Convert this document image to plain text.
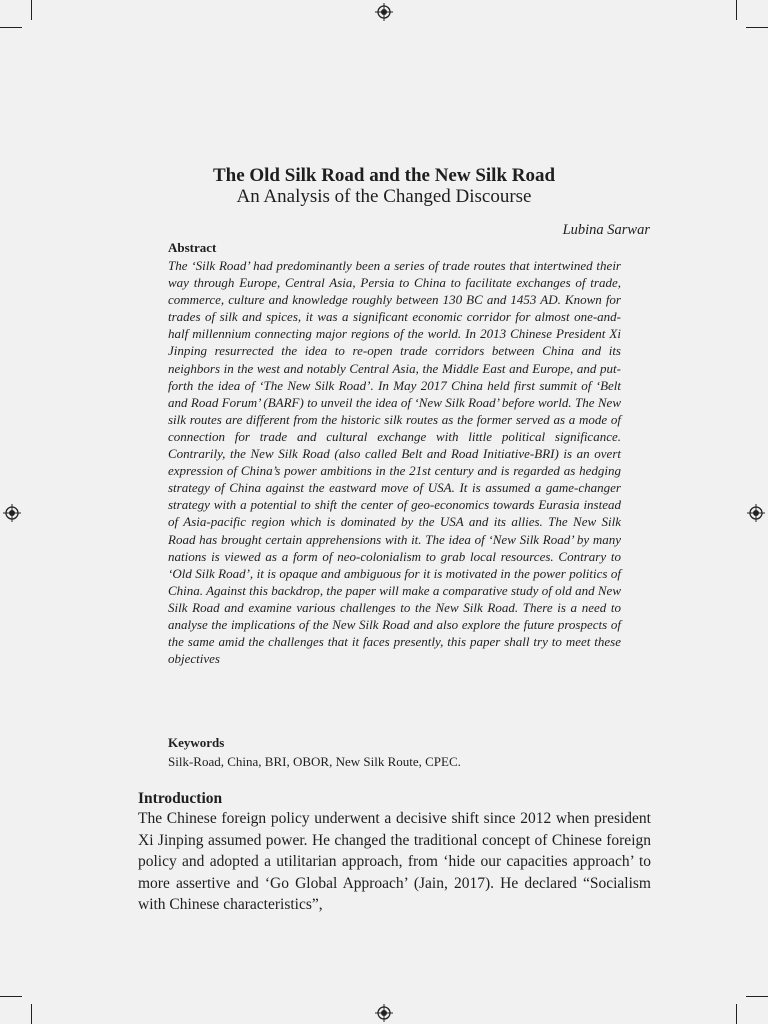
The Old Silk Road and the New Silk Road
An Analysis of the Changed Discourse
Lubina Sarwar
Abstract

The ‘Silk Road’ had predominantly been a series of trade routes that intertwined their way through Europe, Central Asia, Persia to China to facilitate exchanges of trade, commerce, culture and knowledge roughly between 130 BC and 1453 AD. Known for trades of silk and spices, it was a significant economic corridor for almost one-and-half millennium connecting major regions of the world. In 2013 Chinese President Xi Jinping resurrected the idea to re-open trade corridors between China and its neighbors in the west and notably Central Asia, the Middle East and Europe, and put-forth the idea of ‘The New Silk Road’. In May 2017 China held first summit of ‘Belt and Road Forum’ (BARF) to unveil the idea of ‘New Silk Road’ before world. The New silk routes are different from the historic silk routes as the former served as a mode of connection for trade and cultural exchange with little political significance. Contrarily, the New Silk Road (also called Belt and Road Initiative-BRI) is an overt expression of China’s power ambitions in the 21st century and is regarded as hedging strategy of China against the eastward move of USA. It is assumed a game-changer strategy with a potential to shift the center of geo-economics towards Eurasia instead of Asia-pacific region which is dominated by the USA and its allies. The New Silk Road has brought certain apprehensions with it. The idea of ‘New Silk Road’ by many nations is viewed as a form of neo-colonialism to grab local resources. Contrary to ‘Old Silk Road’, it is opaque and ambiguous for it is motivated in the power politics of China. Against this backdrop, the paper will make a comparative study of old and New Silk Road and examine various challenges to the New Silk Road. There is a need to analyse the implications of the New Silk Road and also explore the future prospects of the same amid the challenges that it faces presently, this paper shall try to meet these objectives

Keywords
Silk-Road, China, BRI, OBOR, New Silk Route, CPEC.
Introduction

The Chinese foreign policy underwent a decisive shift since 2012 when president Xi Jinping assumed power. He changed the traditional concept of Chinese foreign policy and adopted a utilitarian approach, from ‘hide our capacities approach’ to more assertive and ‘Go Global Approach’ (Jain, 2017). He declared “Socialism with Chinese characteristics”,
